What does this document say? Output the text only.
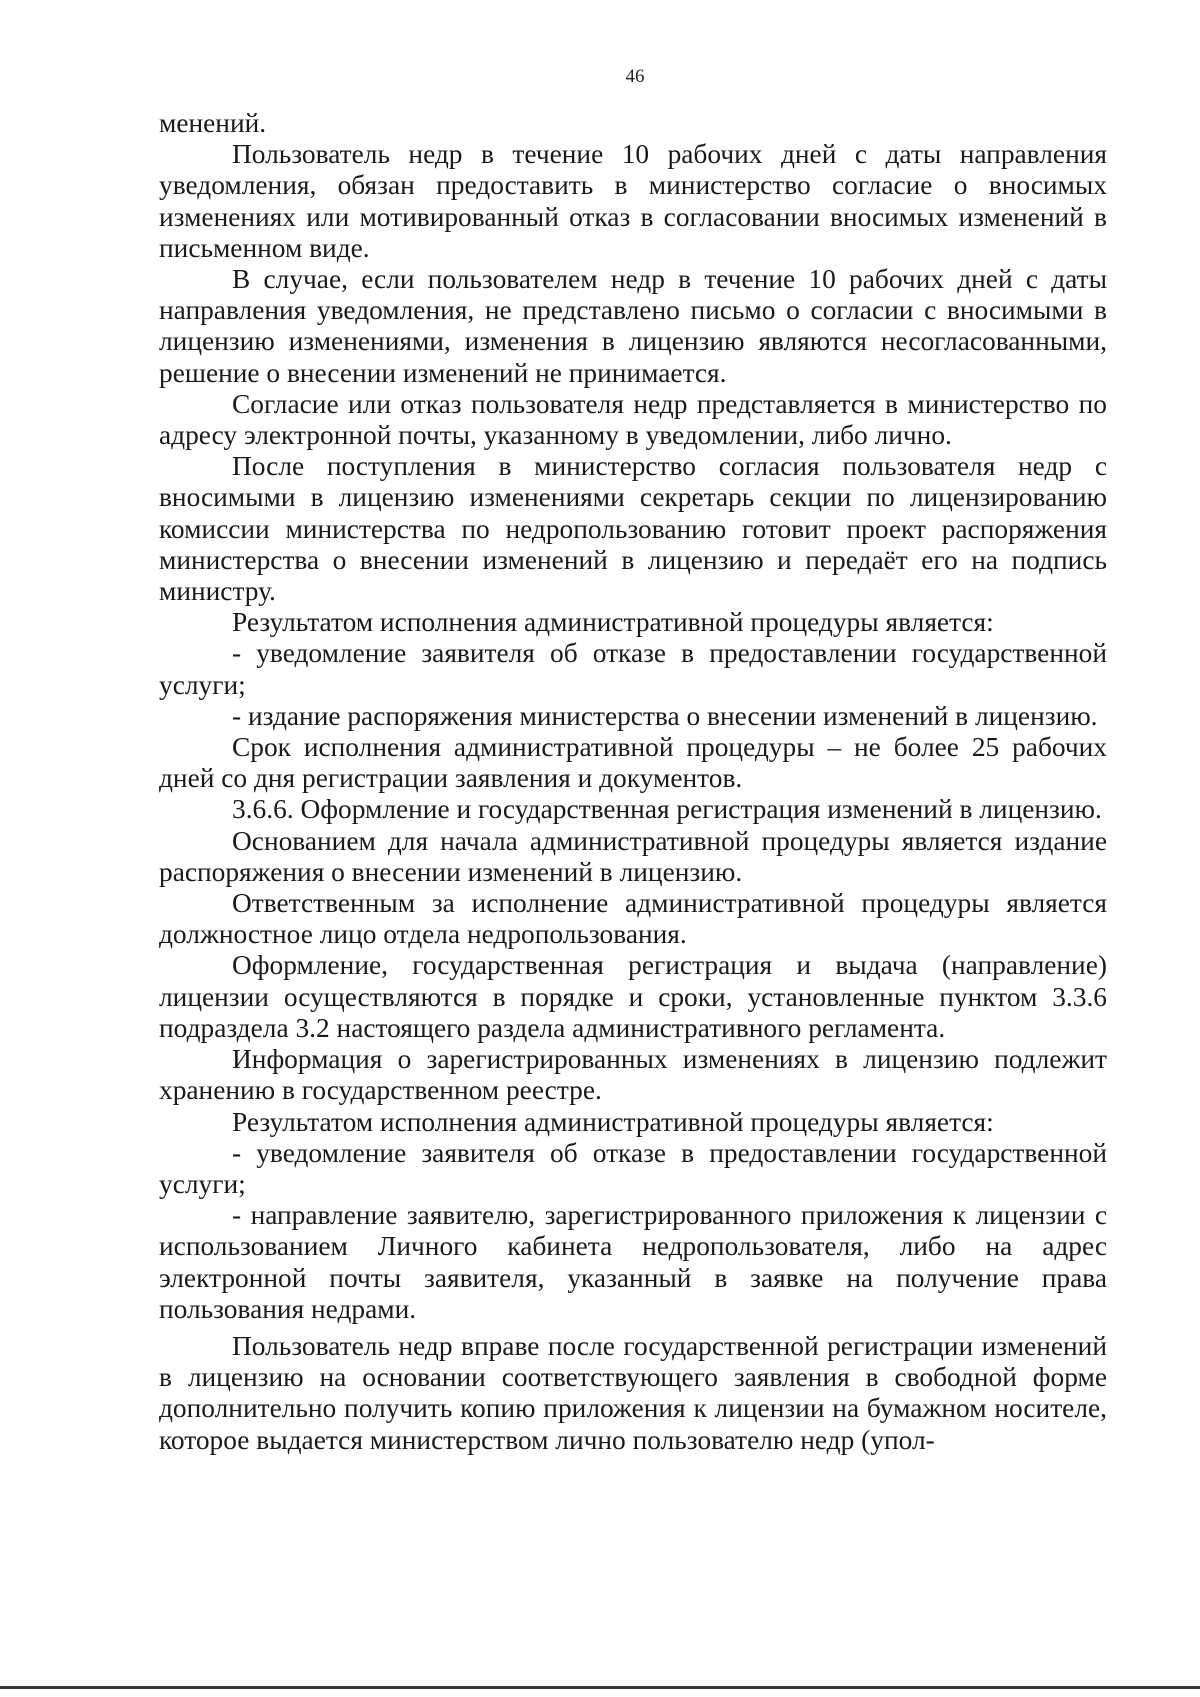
46

менений.

Пользователь недр в течение 10 рабочих дней с даты направления уведомления, обязан предоставить в министерство согласие о вносимых изменениях или мотивированный отказ в согласовании вносимых изменений в письменном виде.

В случае, если пользователем недр в течение 10 рабочих дней с даты направления уведомления, не представлено письмо о согласии с вносимыми в лицензию изменениями, изменения в лицензию являются несогласованными, решение о внесении изменений не принимается.

Согласие или отказ пользователя недр представляется в министерство по адресу электронной почты, указанному в уведомлении, либо лично.

После поступления в министерство согласия пользователя недр с вносимыми в лицензию изменениями секретарь секции по лицензированию комиссии министерства по недропользованию готовит проект распоряжения министерства о внесении изменений в лицензию и передаёт его на подпись министру.

Результатом исполнения административной процедуры является:

- уведомление заявителя об отказе в предоставлении государственной услуги;

- издание распоряжения министерства о внесении изменений в лицензию.

Срок исполнения административной процедуры – не более 25 рабочих дней со дня регистрации заявления и документов.

3.6.6. Оформление и государственная регистрация изменений в лицензию.

Основанием для начала административной процедуры является издание распоряжения о внесении изменений в лицензию.

Ответственным за исполнение административной процедуры является должностное лицо отдела недропользования.

Оформление, государственная регистрация и выдача (направление) лицензии осуществляются в порядке и сроки, установленные пунктом 3.3.6 подраздела 3.2 настоящего раздела административного регламента.

Информация о зарегистрированных изменениях в лицензию подлежит хранению в государственном реестре.

Результатом исполнения административной процедуры является:

- уведомление заявителя об отказе в предоставлении государственной услуги;

- направление заявителю, зарегистрированного приложения к лицензии с использованием Личного кабинета недропользователя, либо на адрес электронной почты заявителя, указанный в заявке на получение права пользования недрами.

Пользователь недр вправе после государственной регистрации изменений в лицензию на основании соответствующего заявления в свободной форме дополнительно получить копию приложения к лицензии на бумажном носителе, которое выдается министерством лично пользователю недр (упол-
